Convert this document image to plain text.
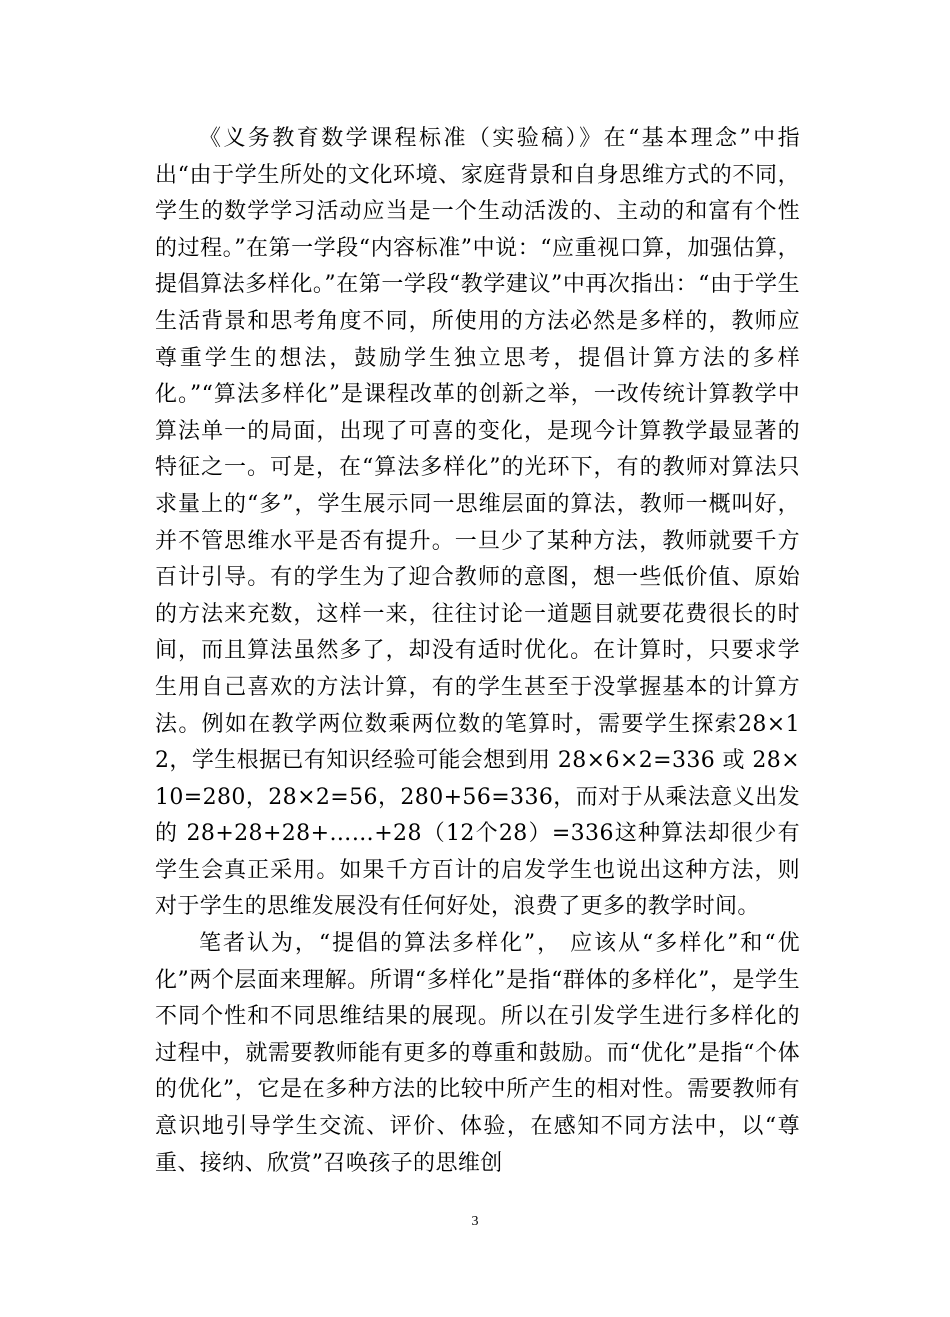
《义务教育数学课程标准（实验稿）》在“基本理念”中指出“由于学生所处的文化环境、家庭背景和自身思维方式的不同，学生的数学学习活动应当是一个生动活泼的、主动的和富有个性的过程。”在第一学段“内容标准”中说：“应重视口算，加强估算，提倡算法多样化。”在第一学段“教学建议”中再次指出：“由于学生生活背景和思考角度不同，所使用的方法必然是多样的，教师应尊重学生的想法，鼓励学生独立思考，提倡计算方法的多样化。”“算法多样化”是课程改革的创新之举，一改传统计算教学中算法单一的局面，出现了可喜的变化，是现今计算教学最显著的特征之一。可是，在“算法多样化”的光环下，有的教师对算法只求量上的“多”，学生展示同一思维层面的算法，教师一概叫好，并不管思维水平是否有提升。一旦少了某种方法，教师就要千方百计引导。有的学生为了迎合教师的意图，想一些低价值、原始的方法来充数，这样一来，往往讨论一道题目就要花费很长的时间，而且算法虽然多了，却没有适时优化。在计算时，只要求学生用自己喜欢的方法计算，有的学生甚至于没掌握基本的计算方法。例如在教学两位数乘两位数的笔算时，需要学生探索28×12，学生根据已有知识经验可能会想到用 28×6×2=336 或 28×10=280，28×2=56，280+56=336，而对于从乘法意义出发的 28+28+28+……+28（12个28）=336这种算法却很少有学生会真正采用。如果千方百计的启发学生也说出这种方法，则对于学生的思维发展没有任何好处，浪费了更多的教学时间。

笔者认为，“提倡的算法多样化”， 应该从“多样化”和“优化”两个层面来理解。所谓“多样化”是指“群体的多样化”，是学生不同个性和不同思维结果的展现。所以在引发学生进行多样化的过程中，就需要教师能有更多的尊重和鼓励。而“优化”是指“个体的优化”，它是在多种方法的比较中所产生的相对性。需要教师有意识地引导学生交流、评价、体验，在感知不同方法中，以“尊重、接纳、欣赏”召唤孩子的思维创

3
